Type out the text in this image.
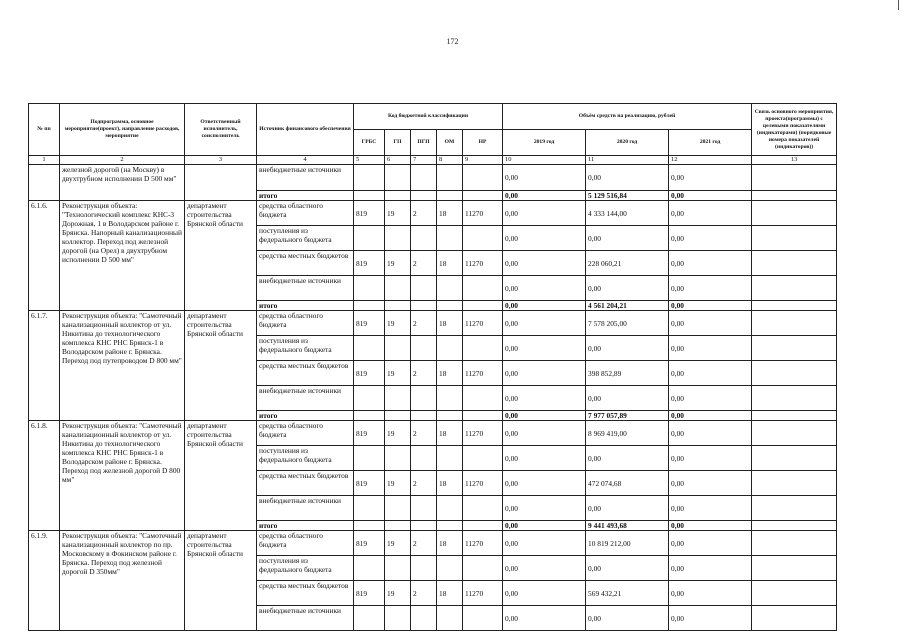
172
№ пп	Подпрограмма, основное мероприятие(проект), направление расходов, мероприятие	Ответственный исполнитель, соисполнитель	Источник финансового обеспечения	Код бюджетной классификации					Объём средств на реализацию, рублей			Связь основного мероприятия, проекта(программы) с целевыми показателями (индикаторами) (порядковые номера показателей (индикаторов))
				ГРБС	ГП	ПГП	ОМ	НР	2019 год	2020 год	2021 год	
1	2	3	4	5	6	7	8	9	10	11	12	13
	железной дорогой (на Москву) в двухтрубном исполнении D 500 мм"		внебюджетные источники						0,00	0,00	0,00	
			итого						0,00	5 129 516,84	0,00	
6.1.6.	Реконструкция объекта: "Технологический комплекс КНС-3 Дорожная, 1 в Володарском районе г. Брянска. Напорный канализационный коллектор. Переход под железной дорогой (на Орел) в двухтрубном исполнении D 500 мм"	департамент строительства Брянской области	средства областного бюджета	819	19	2	18	11270	0,00	4 333 144,00	0,00	
			поступления из федерального бюджета						0,00	0,00	0,00	
			средства местных бюджетов	819	19	2	18	11270	0,00	228 060,21	0,00	
			внебюджетные источники						0,00	0,00	0,00	
			итого						0,00	4 561 204,21	0,00	
6.1.7.	Реконструкция объекта: "Самотечный канализационный коллектор от ул. Никитина до технологического комплекса КНС РНС Брянск-1 в Володарском районе г. Брянска. Переход под путепроводом D 800 мм"	департамент строительства Брянской области	средства областного бюджета	819	19	2	18	11270	0,00	7 578 205,00	0,00	
			поступления из федерального бюджета						0,00	0,00	0,00	
			средства местных бюджетов	819	19	2	18	11270	0,00	398 852,89	0,00	
			внебюджетные источники						0,00	0,00	0,00	
			итого						0,00	7 977 057,89	0,00	
6.1.8.	Реконструкция объекта: "Самотечный канализационный коллектор от ул. Никитина до технологического комплекса КНС РНС Брянск-1 в Володарском районе г. Брянска. Переход под железной дорогой D 800 мм"	департамент строительства Брянской области	средства областного бюджета	819	19	2	18	11270	0,00	8 969 419,00	0,00	
			поступления из федерального бюджета						0,00	0,00	0,00	
			средства местных бюджетов	819	19	2	18	11270	0,00	472 074,68	0,00	
			внебюджетные источники						0,00	0,00	0,00	
			итого						0,00	9 441 493,68	0,00	
6.1.9.	Реконструкция объекта: "Самотечный канализационный коллектор по пр. Московскому в Фокинском районе г. Брянска. Переход под железной дорогой D 350мм"	департамент строительства Брянской области	средства областного бюджета	819	19	2	18	11270	0,00	10 819 212,00	0,00	
			поступления из федерального бюджета						0,00	0,00	0,00	
			средства местных бюджетов	819	19	2	18	11270	0,00	569 432,21	0,00	
			внебюджетные источники						0,00	0,00	0,00	
